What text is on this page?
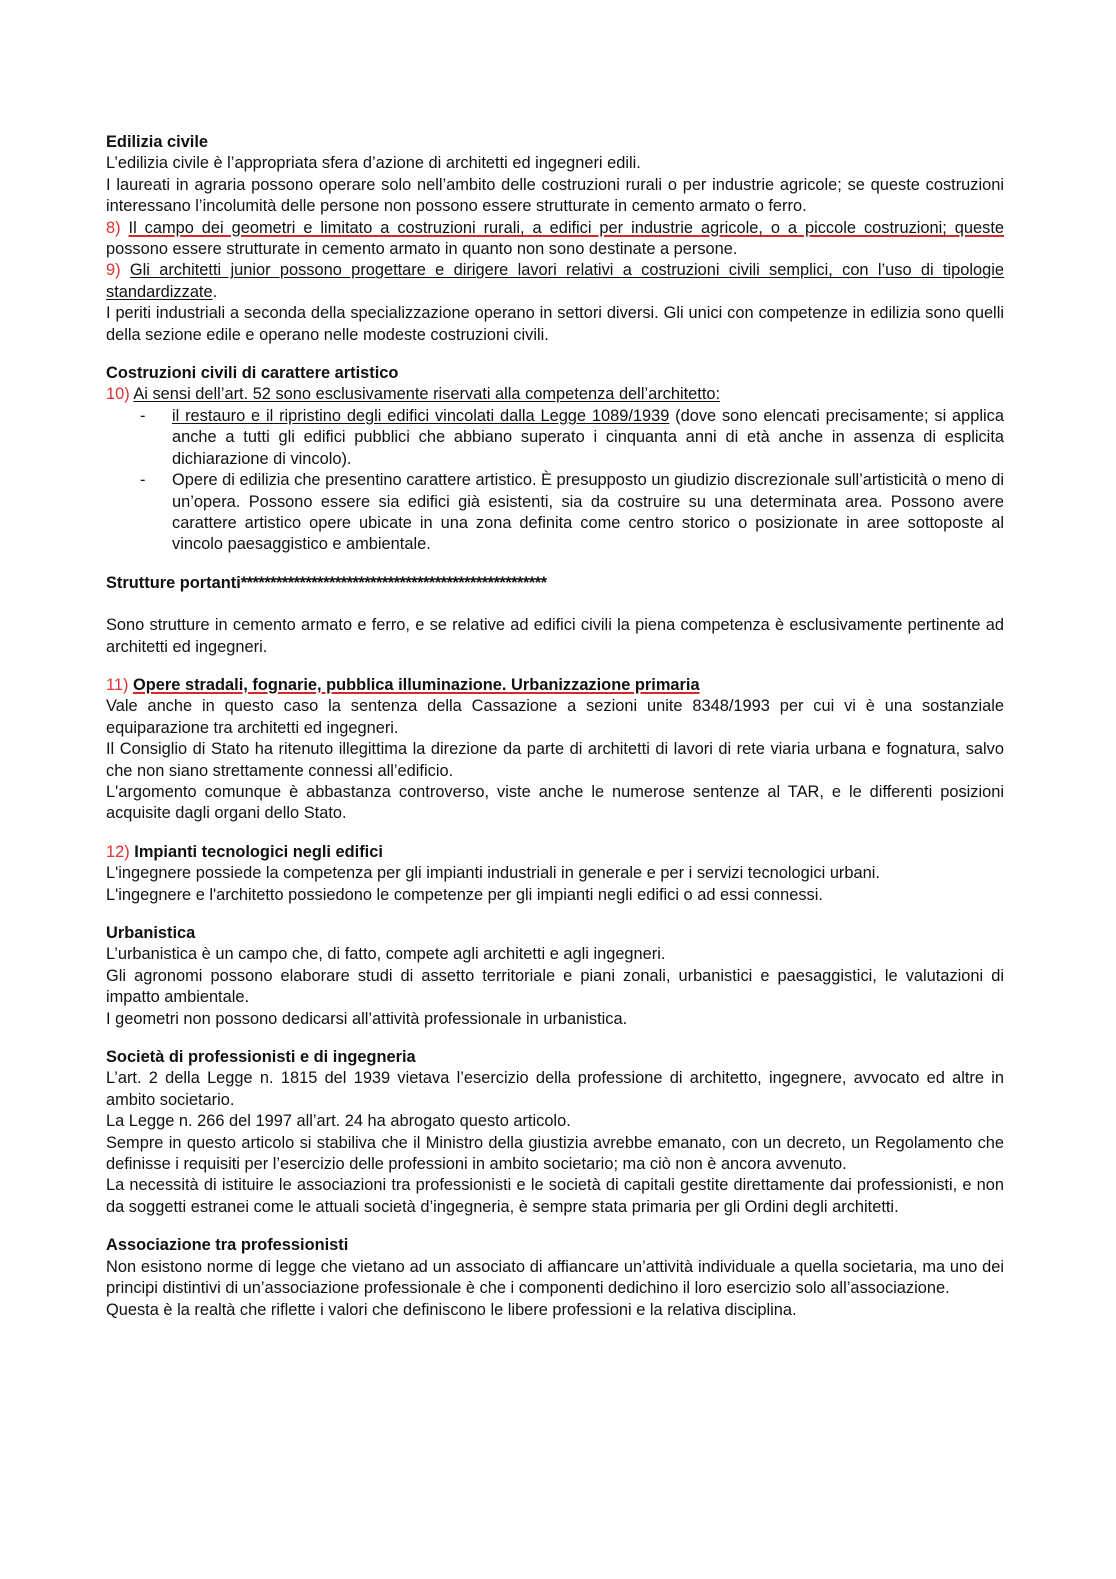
Edilizia civile

L’edilizia civile è l’appropriata sfera d’azione di architetti ed ingegneri edili.

I laureati in agraria possono operare solo nell’ambito delle costruzioni rurali o per industrie agricole; se queste costruzioni interessano l’incolumità delle persone non possono essere strutturate in cemento armato o ferro.

8) Il campo dei geometri e limitato a costruzioni rurali, a edifici per industrie agricole, o a piccole costruzioni; queste possono essere strutturate in cemento armato in quanto non sono destinate a persone.

9) Gli architetti junior possono progettare e dirigere lavori relativi a costruzioni civili semplici, con l’uso di tipologie standardizzate.

I periti industriali a seconda della specializzazione operano in settori diversi. Gli unici con competenze in edilizia sono quelli della sezione edile e operano nelle modeste costruzioni civili.

Costruzioni civili di carattere artistico

10) Ai sensi dell’art. 52 sono esclusivamente riservati alla competenza dell’architetto:

- il restauro e il ripristino degli edifici vincolati dalla Legge 1089/1939 (dove sono elencati precisamente; si applica anche a tutti gli edifici pubblici che abbiano superato i cinquanta anni di età anche in assenza di esplicita dichiarazione di vincolo).
- Opere di edilizia che presentino carattere artistico. È presupposto un giudizio discrezionale sull’artisticità o meno di un’opera. Possono essere sia edifici già esistenti, sia da costruire su una determinata area. Possono avere carattere artistico opere ubicate in una zona definita come centro storico o posizionate in aree sottoposte al vincolo paesaggistico e ambientale.
Strutture portanti****************************************************

Sono strutture in cemento armato e ferro, e se relative ad edifici civili la piena competenza è esclusivamente pertinente ad architetti ed ingegneri.

11) Opere stradali, fognarie, pubblica illuminazione. Urbanizzazione primaria

Vale anche in questo caso la sentenza della Cassazione a sezioni unite 8348/1993 per cui vi è una sostanziale equiparazione tra architetti ed ingegneri.

Il Consiglio di Stato ha ritenuto illegittima la direzione da parte di architetti di lavori di rete viaria urbana e fognatura, salvo che non siano strettamente connessi all’edificio.

L'argomento comunque è abbastanza controverso, viste anche le numerose sentenze al TAR, e le differenti posizioni acquisite dagli organi dello Stato.

12) Impianti tecnologici negli edifici

L'ingegnere possiede la competenza per gli impianti industriali in generale e per i servizi tecnologici urbani.

L'ingegnere e l'architetto possiedono le competenze per gli impianti negli edifici o ad essi connessi.

Urbanistica

L’urbanistica è un campo che, di fatto, compete agli architetti e agli ingegneri.

Gli agronomi possono elaborare studi di assetto territoriale e piani zonali, urbanistici e paesaggistici, le valutazioni di impatto ambientale.

I geometri non possono dedicarsi all’attività professionale in urbanistica.

Società di professionisti e di ingegneria

L’art. 2 della Legge n. 1815 del 1939 vietava l’esercizio della professione di architetto, ingegnere, avvocato ed altre in ambito societario.

La Legge n. 266 del 1997 all’art. 24 ha abrogato questo articolo.

Sempre in questo articolo si stabiliva che il Ministro della giustizia avrebbe emanato, con un decreto, un Regolamento che definisse i requisiti per l’esercizio delle professioni in ambito societario; ma ciò non è ancora avvenuto.

La necessità di istituire le associazioni tra professionisti e le società di capitali gestite direttamente dai professionisti, e non da soggetti estranei come le attuali società d’ingegneria, è sempre stata primaria per gli Ordini degli architetti.

Associazione tra professionisti

Non esistono norme di legge che vietano ad un associato di affiancare un’attività individuale a quella societaria, ma uno dei principi distintivi di un’associazione professionale è che i componenti dedichino il loro esercizio solo all’associazione.

Questa è la realtà che riflette i valori che definiscono le libere professioni e la relativa disciplina.
